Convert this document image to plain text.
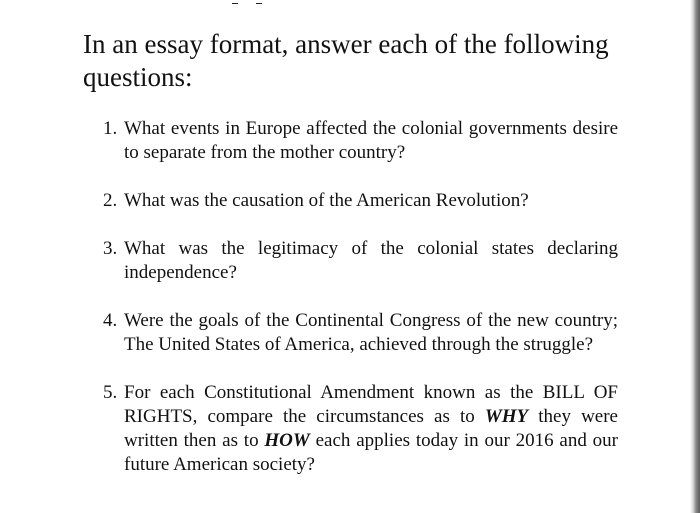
In an essay format, answer each of the following questions:
1. What events in Europe affected the colonial governments desire to separate from the mother country?
2. What was the causation of the American Revolution?
3. What was the legitimacy of the colonial states declaring independence?
4. Were the goals of the Continental Congress of the new country; The United States of America, achieved through the struggle?
5. For each Constitutional Amendment known as the BILL OF RIGHTS, compare the circumstances as to WHY they were written then as to HOW each applies today in our 2016 and our future American society?
